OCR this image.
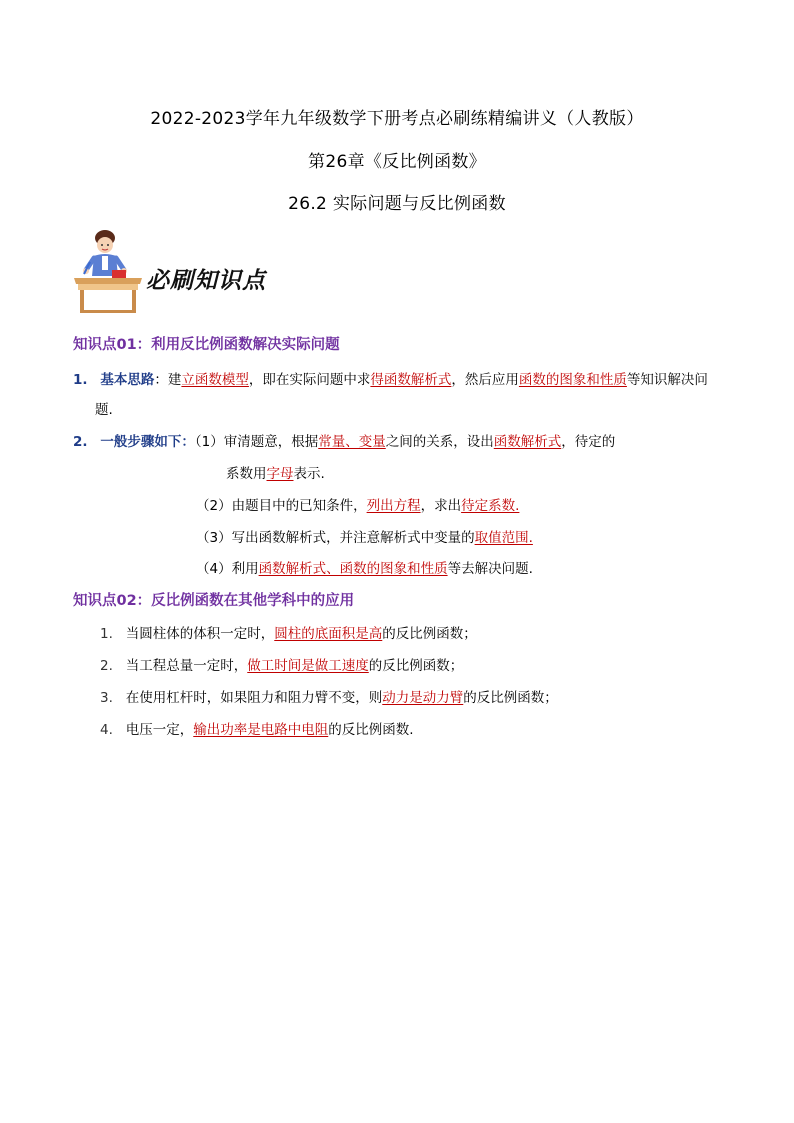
2022-2023学年九年级数学下册考点必刷练精编讲义（人教版）
第26章《反比例函数》
26.2 实际问题与反比例函数
必刷知识点
知识点01：利用反比例函数解决实际问题
1. 基本思路：建立函数模型，即在实际问题中求得函数解析式，然后应用函数的图象和性质等知识解决问
题.
2. 一般步骤如下：（1）审清题意，根据常量、变量之间的关系，设出函数解析式，待定的
系数用字母表示.
（2）由题目中的已知条件，列出方程，求出待定系数.
（3）写出函数解析式，并注意解析式中变量的取值范围.
（4）利用函数解析式、函数的图象和性质等去解决问题.
知识点02：反比例函数在其他学科中的应用
1. 当圆柱体的体积一定时，圆柱的底面积是高的反比例函数；
2. 当工程总量一定时，做工时间是做工速度的反比例函数；
3. 在使用杠杆时，如果阻力和阻力臂不变，则动力是动力臂的反比例函数；
4. 电压一定，输出功率是电路中电阻的反比例函数.
